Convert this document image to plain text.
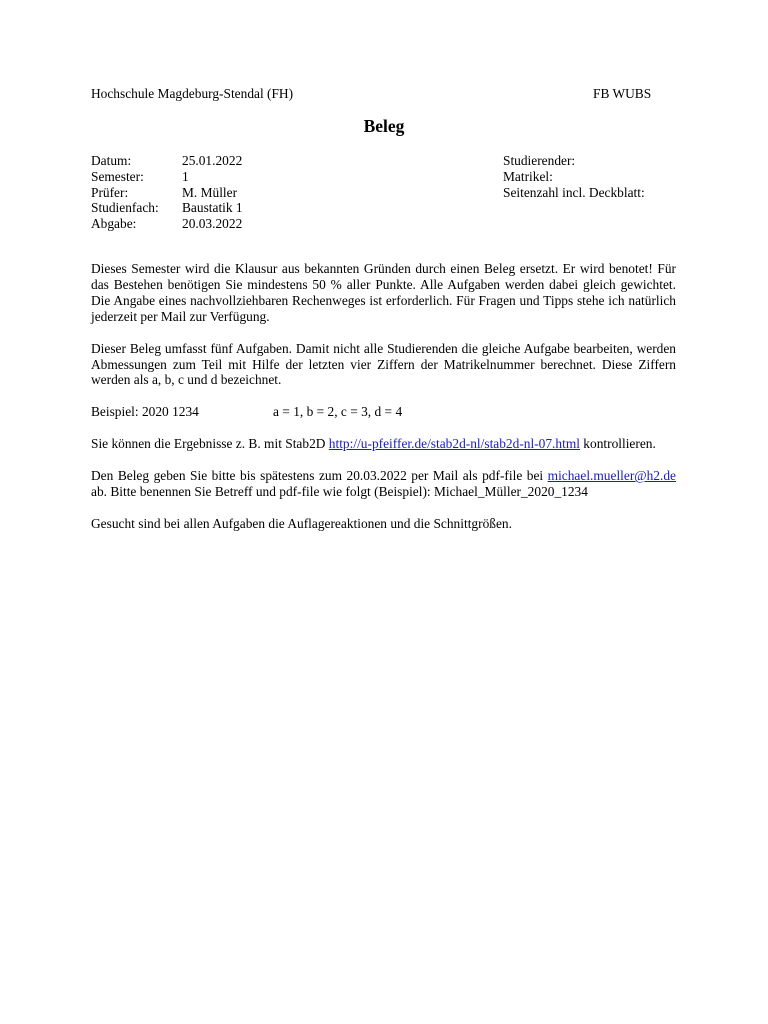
Hochschule Magdeburg-Stendal (FH)	FB WUBS
Beleg
Datum:	25.01.2022
Semester:	1
Prüfer:	M. Müller
Studienfach:	Baustatik 1
Abgabe:	20.03.2022
Studierender:
Matrikel:
Seitenzahl incl. Deckblatt:

Dieses Semester wird die Klausur aus bekannten Gründen durch einen Beleg ersetzt. Er wird benotet! Für das Bestehen benötigen Sie mindestens 50 % aller Punkte. Alle Aufgaben werden dabei gleich gewichtet. Die Angabe eines nachvollziehbaren Rechenweges ist erforderlich. Für Fragen und Tipps stehe ich natürlich jederzeit per Mail zur Verfügung.

Dieser Beleg umfasst fünf Aufgaben. Damit nicht alle Studierenden die gleiche Aufgabe bearbeiten, werden Abmessungen zum Teil mit Hilfe der letzten vier Ziffern der Matrikelnummer berechnet. Diese Ziffern werden als a, b, c und d bezeichnet.

Beispiel: 2020 1234	a = 1, b = 2, c = 3, d = 4

Sie können die Ergebnisse z. B. mit Stab2D http://u-pfeiffer.de/stab2d-nl/stab2d-nl-07.html kontrollieren.

Den Beleg geben Sie bitte bis spätestens zum 20.03.2022 per Mail als pdf-file bei michael.mueller@h2.de ab. Bitte benennen Sie Betreff und pdf-file wie folgt (Beispiel): Michael_Müller_2020_1234

Gesucht sind bei allen Aufgaben die Auflagereaktionen und die Schnittgrößen.
